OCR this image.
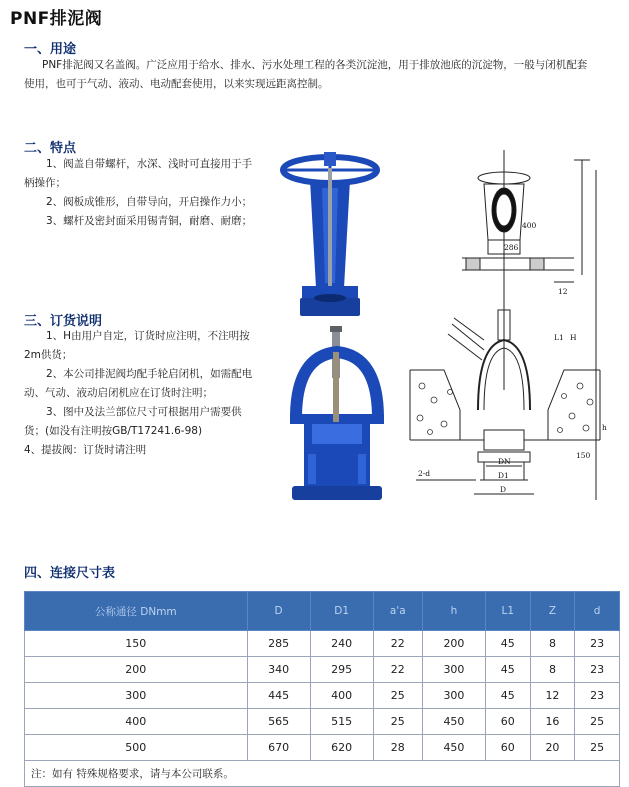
PNF排泥阀
一、用途
PNF排泥阀又名盖阀。广泛应用于给水、排水、污水处理工程的各类沉淀池，用于排放池底的沉淀物，一般与闭机配套
使用，也可于气动、液动、电动配套使用，以来实现远距离控制。
二、特点
1、阀盖自带螺杆，水深、浅时可直接用于手
柄操作；
2、阀板成锥形，自带导向，开启操作力小；
3、螺杆及密封面采用锡青铜，耐磨、耐磨；
三、订货说明
1、H由用户自定，订货时应注明，不注明按
2m供货；
2、本公司排泥阀均配手轮启闭机，如需配电
动、气动、液动启闭机应在订货时注明；
3、图中及法兰部位尺寸可根据用户需要供
货；(如没有注明按GB/T17241.6-98)
4、提拔阀：订货时请注明
400
286
12
L1 H
DN
D1
D
2-d
h
150
四、连接尺寸表
公称通径 DNmm	D	D1	a'a	h	L1	Z	d
150	285	240	22	200	45	8	23
200	340	295	22	300	45	8	23
300	445	400	25	300	45	12	23
400	565	515	25	450	60	16	25
500	670	620	28	450	60	20	25
注：如有 特殊规格要求，请与本公司联系。							
